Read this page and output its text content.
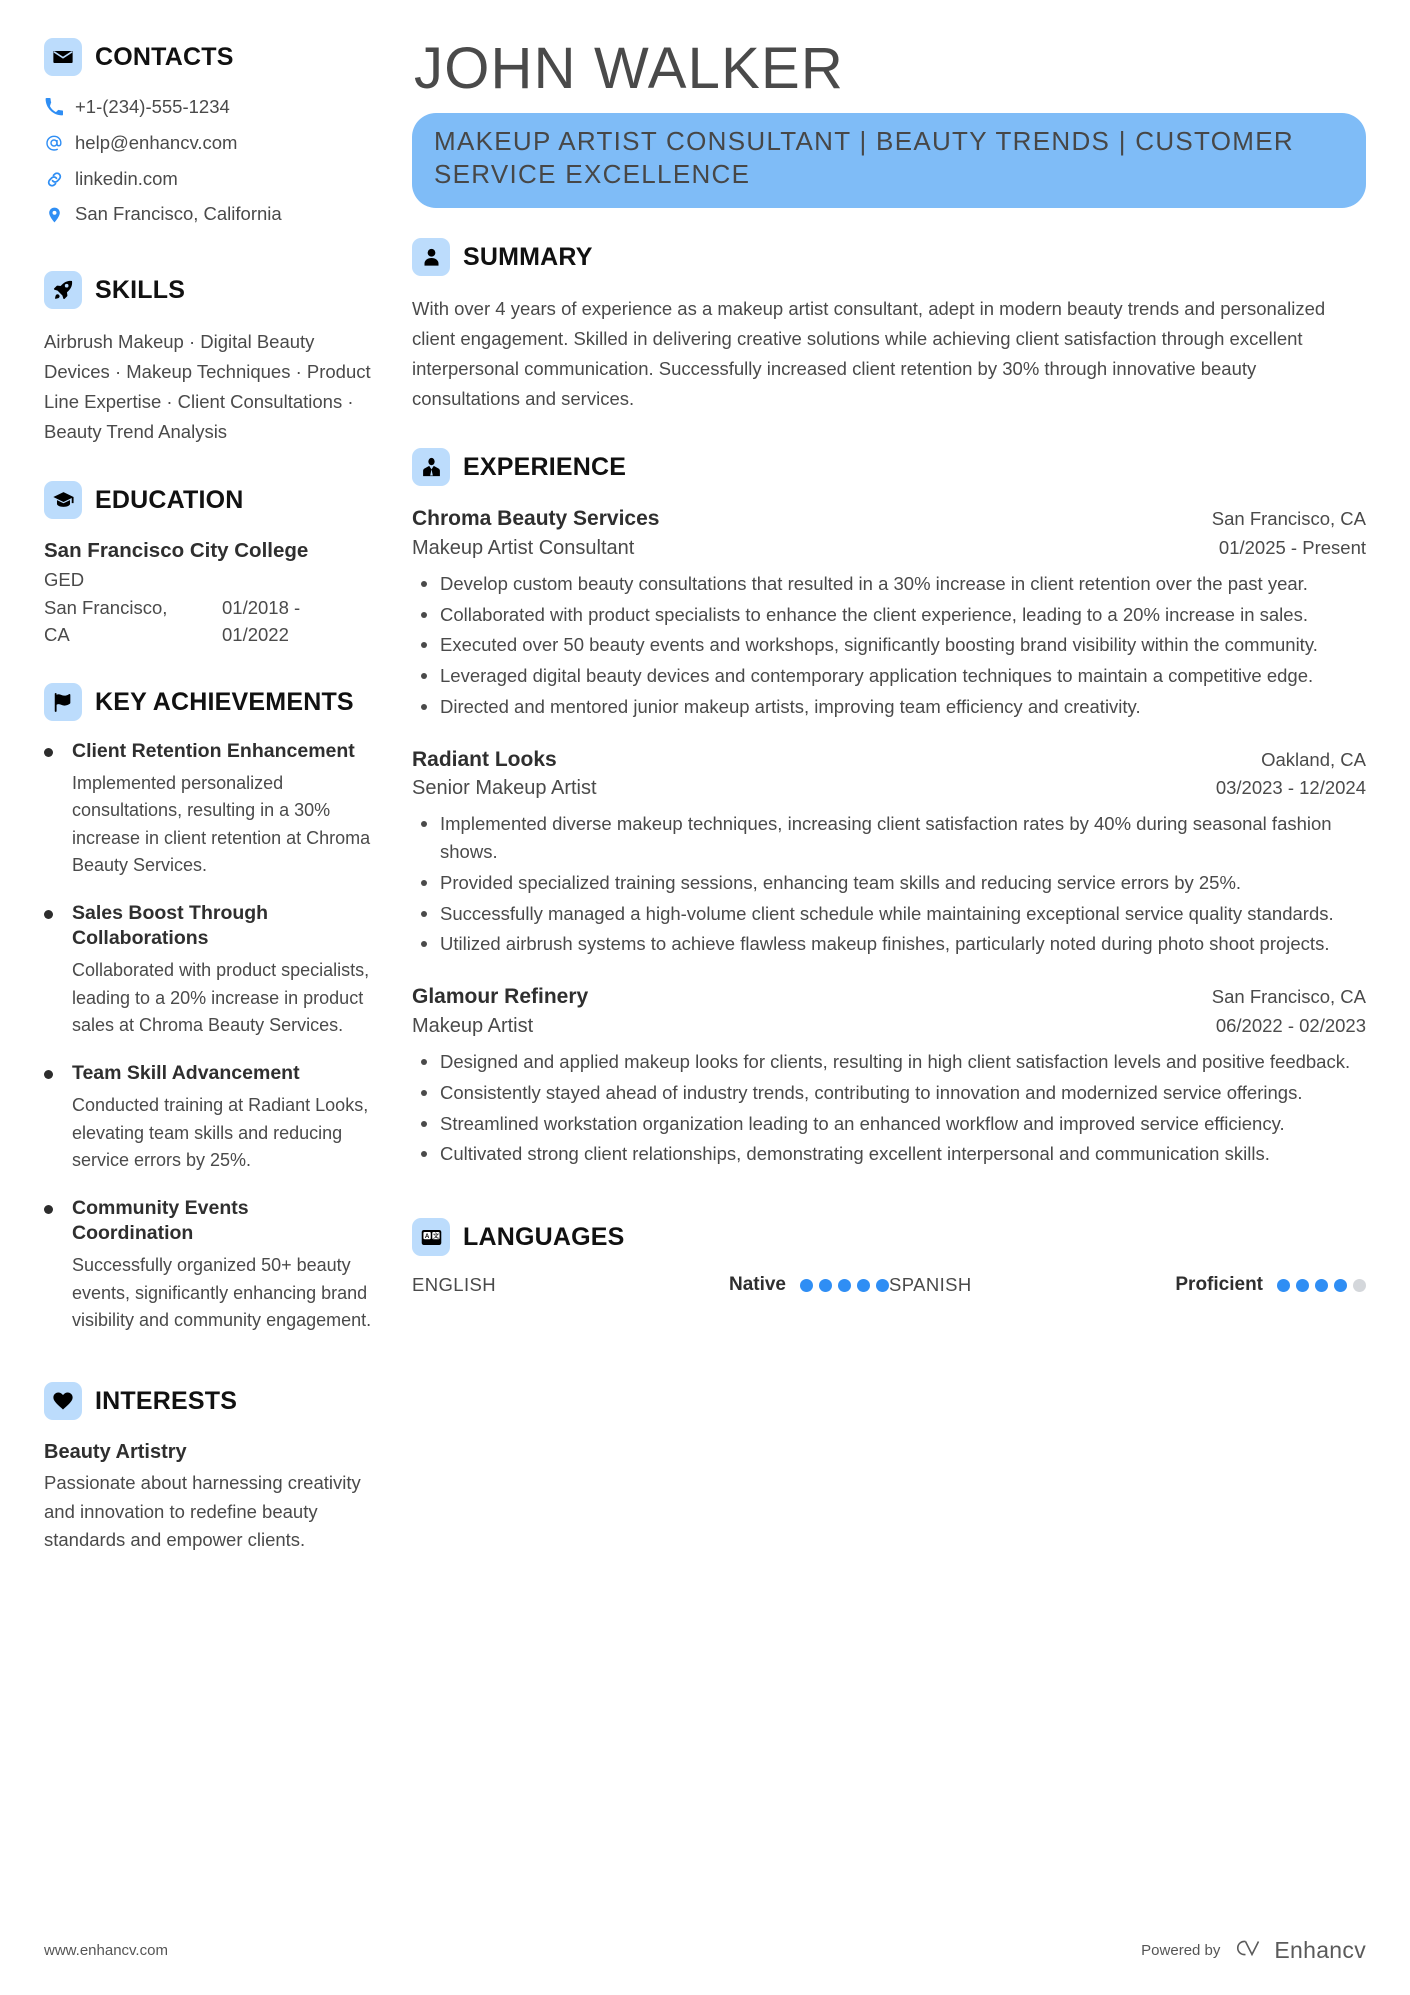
CONTACTS
+1-(234)-555-1234
help@enhancv.com
linkedin.com
San Francisco, California
SKILLS
Airbrush Makeup · Digital Beauty Devices · Makeup Techniques · Product Line Expertise · Client Consultations · Beauty Trend Analysis
EDUCATION
San Francisco City College
GED
San Francisco, CA
01/2018 - 01/2022
KEY ACHIEVEMENTS
Client Retention Enhancement
Implemented personalized consultations, resulting in a 30% increase in client retention at Chroma Beauty Services.
Sales Boost Through Collaborations
Collaborated with product specialists, leading to a 20% increase in product sales at Chroma Beauty Services.
Team Skill Advancement
Conducted training at Radiant Looks, elevating team skills and reducing service errors by 25%.
Community Events Coordination
Successfully organized 50+ beauty events, significantly enhancing brand visibility and community engagement.
INTERESTS
Beauty Artistry
Passionate about harnessing creativity and innovation to redefine beauty standards and empower clients.
JOHN WALKER
MAKEUP ARTIST CONSULTANT | BEAUTY TRENDS | CUSTOMER SERVICE EXCELLENCE
SUMMARY
With over 4 years of experience as a makeup artist consultant, adept in modern beauty trends and personalized client engagement. Skilled in delivering creative solutions while achieving client satisfaction through excellent interpersonal communication. Successfully increased client retention by 30% through innovative beauty consultations and services.
EXPERIENCE
Chroma Beauty Services	San Francisco, CA
Makeup Artist Consultant	01/2025 - Present
Develop custom beauty consultations that resulted in a 30% increase in client retention over the past year.
Collaborated with product specialists to enhance the client experience, leading to a 20% increase in sales.
Executed over 50 beauty events and workshops, significantly boosting brand visibility within the community.
Leveraged digital beauty devices and contemporary application techniques to maintain a competitive edge.
Directed and mentored junior makeup artists, improving team efficiency and creativity.
Radiant Looks	Oakland, CA
Senior Makeup Artist	03/2023 - 12/2024
Implemented diverse makeup techniques, increasing client satisfaction rates by 40% during seasonal fashion shows.
Provided specialized training sessions, enhancing team skills and reducing service errors by 25%.
Successfully managed a high-volume client schedule while maintaining exceptional service quality standards.
Utilized airbrush systems to achieve flawless makeup finishes, particularly noted during photo shoot projects.
Glamour Refinery	San Francisco, CA
Makeup Artist	06/2022 - 02/2023
Designed and applied makeup looks for clients, resulting in high client satisfaction levels and positive feedback.
Consistently stayed ahead of industry trends, contributing to innovation and modernized service offerings.
Streamlined workstation organization leading to an enhanced workflow and improved service efficiency.
Cultivated strong client relationships, demonstrating excellent interpersonal and communication skills.
A 文 LANGUAGES
ENGLISH	Native	SPANISH	Proficient
www.enhancv.com	Powered by Enhancv
